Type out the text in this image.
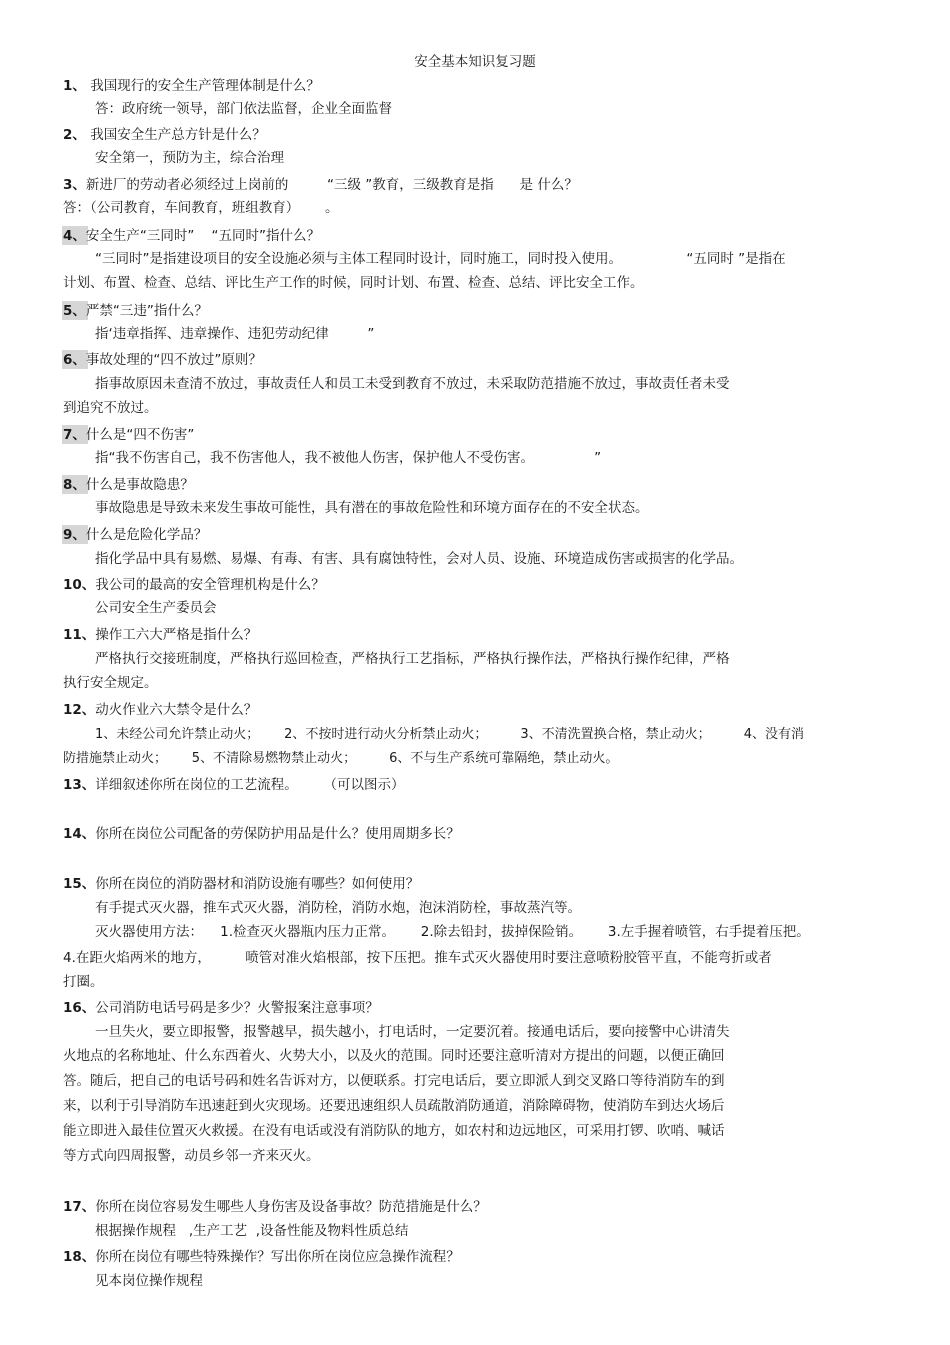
安全基本知识复习题
1、 我国现行的安全生产管理体制是什么？
答：政府统一领导，部门依法监督，企业全面监督
2、 我国安全生产总方针是什么？
安全第一，预防为主，综合治理
3、新进厂的劳动者必须经过上岗前的         “三级 ”教育，三级教育是指      是 什么？
答：（公司教育，车间教育，班组教育）      。
4、安全生产“三同时”    “五同时”指什么？
“三同时”是指建设项目的安全设施必须与主体工程同时设计，同时施工，同时投入使用。               “五同时 ”是指在
计划、布置、检查、总结、评比生产工作的时候，同时计划、布置、检查、总结、评比安全工作。
5、严禁“三违”指什么？
指‘违章指挥、违章操作、违犯劳动纪律         ”
6、事故处理的“四不放过”原则？
指事故原因未查清不放过，事故责任人和员工未受到教育不放过，未采取防范措施不放过，事故责任者未受
到追究不放过。
7、什么是“四不伤害”
指“我不伤害自己，我不伤害他人，我不被他人伤害，保护他人不受伤害。              ”
8、什么是事故隐患？
事故隐患是导致未来发生事故可能性，具有潜在的事故危险性和环境方面存在的不安全状态。
9、什么是危险化学品？
指化学品中具有易燃、易爆、有毒、有害、具有腐蚀特性，会对人员、设施、环境造成伤害或损害的化学品。
10、我公司的最高的安全管理机构是什么？
公司安全生产委员会
11、操作工六大严格是指什么？
严格执行交接班制度，严格执行巡回检查，严格执行工艺指标，严格执行操作法，严格执行操作纪律，严格
执行安全规定。
12、动火作业六大禁令是什么？
1、未经公司允许禁止动火；      2、不按时进行动火分析禁止动火；        3、不清洗置换合格，禁止动火；        4、没有消
防措施禁止动火；      5、不清除易燃物禁止动火；        6、不与生产系统可靠隔绝，禁止动火。
13、详细叙述你所在岗位的工艺流程。      （可以图示）
14、你所在岗位公司配备的劳保防护用品是什么？使用周期多长？
15、你所在岗位的消防器材和消防设施有哪些？如何使用？
有手提式灭火器，推车式灭火器，消防栓，消防水炮，泡沫消防栓，事故蒸汽等。
灭火器使用方法：    1.检查灭火器瓶内压力正常。      2.除去铅封，拔掉保险销。      3.左手握着喷管，右手提着压把。
4.在距火焰两米的地方，        喷管对准火焰根部，按下压把。推车式灭火器使用时要注意喷粉胶管平直，不能弯折或者
打圈。
16、公司消防电话号码是多少？火警报案注意事项？
一旦失火，要立即报警，报警越早，损失越小，打电话时，一定要沉着。接通电话后，要向接警中心讲清失
火地点的名称地址、什么东西着火、火势大小，以及火的范围。同时还要注意听清对方提出的问题，以便正确回
答。随后，把自己的电话号码和姓名告诉对方，以便联系。打完电话后，要立即派人到交叉路口等待消防车的到
来，以利于引导消防车迅速赶到火灾现场。还要迅速组织人员疏散消防通道，消除障碍物，使消防车到达火场后
能立即进入最佳位置灭火救援。在没有电话或没有消防队的地方，如农村和边远地区，可采用打锣、吹哨、喊话
等方式向四周报警，动员乡邻一齐来灭火。
17、你所在岗位容易发生哪些人身伤害及设备事故？防范措施是什么？
根据操作规程   ,生产工艺  ,设备性能及物料性质总结
18、你所在岗位有哪些特殊操作？写出你所在岗位应急操作流程？
见本岗位操作规程
